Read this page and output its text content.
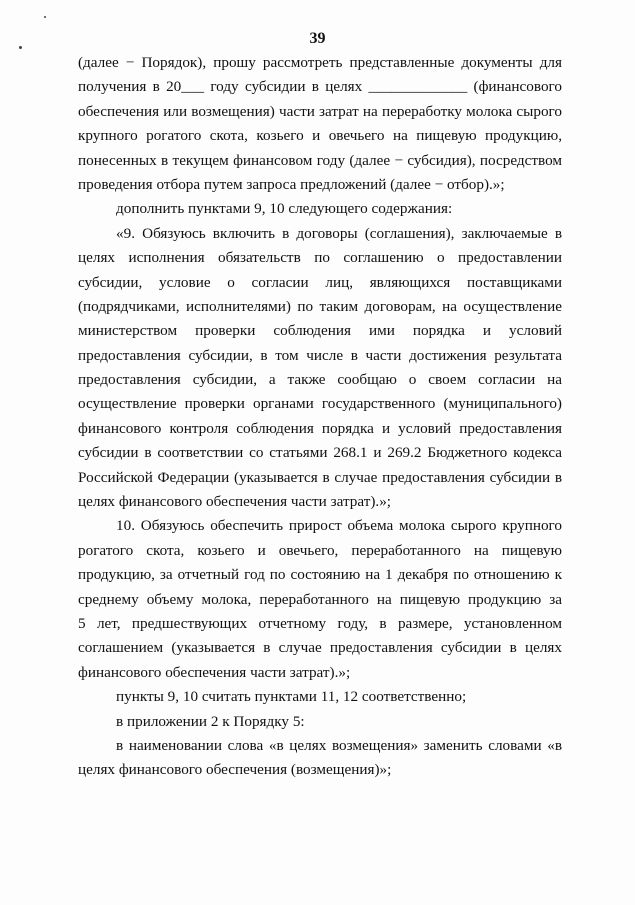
39
(далее − Порядок), прошу рассмотреть представленные документы для
получения в 20___ году субсидии в целях _____________ (финансового
обеспечения или возмещения) части затрат на переработку молока сырого
крупного рогатого скота, козьего и овечьего на пищевую продукцию,
понесенных в текущем финансовом году (далее − субсидия), посредством
проведения отбора путем запроса предложений (далее − отбор).»;
дополнить пунктами 9, 10 следующего содержания:
«9. Обязуюсь включить в договоры (соглашения), заключаемые в
целях исполнения обязательств по соглашению о предоставлении
субсидии, условие о согласии лиц, являющихся поставщиками
(подрядчиками, исполнителями) по таким договорам, на осуществление
министерством проверки соблюдения ими порядка и условий
предоставления субсидии, в том числе в части достижения результата
предоставления субсидии, а также сообщаю о своем согласии на
осуществление проверки органами государственного (муниципального)
финансового контроля соблюдения порядка и условий предоставления
субсидии в соответствии со статьями 268.1 и 269.2 Бюджетного кодекса
Российской Федерации (указывается в случае предоставления субсидии в
целях финансового обеспечения части затрат).»;
10. Обязуюсь обеспечить прирост объема молока сырого крупного
рогатого скота, козьего и овечьего, переработанного на пищевую
продукцию, за отчетный год по состоянию на 1 декабря по отношению к
среднему объему молока, переработанного на пищевую продукцию за
5 лет, предшествующих отчетному году, в размере, установленном
соглашением (указывается в случае предоставления субсидии в целях
финансового обеспечения части затрат).»;
пункты 9, 10 считать пунктами 11, 12 соответственно;
в приложении 2 к Порядку 5:
в наименовании слова «в целях возмещения» заменить словами «в
целях финансового обеспечения (возмещения)»;
